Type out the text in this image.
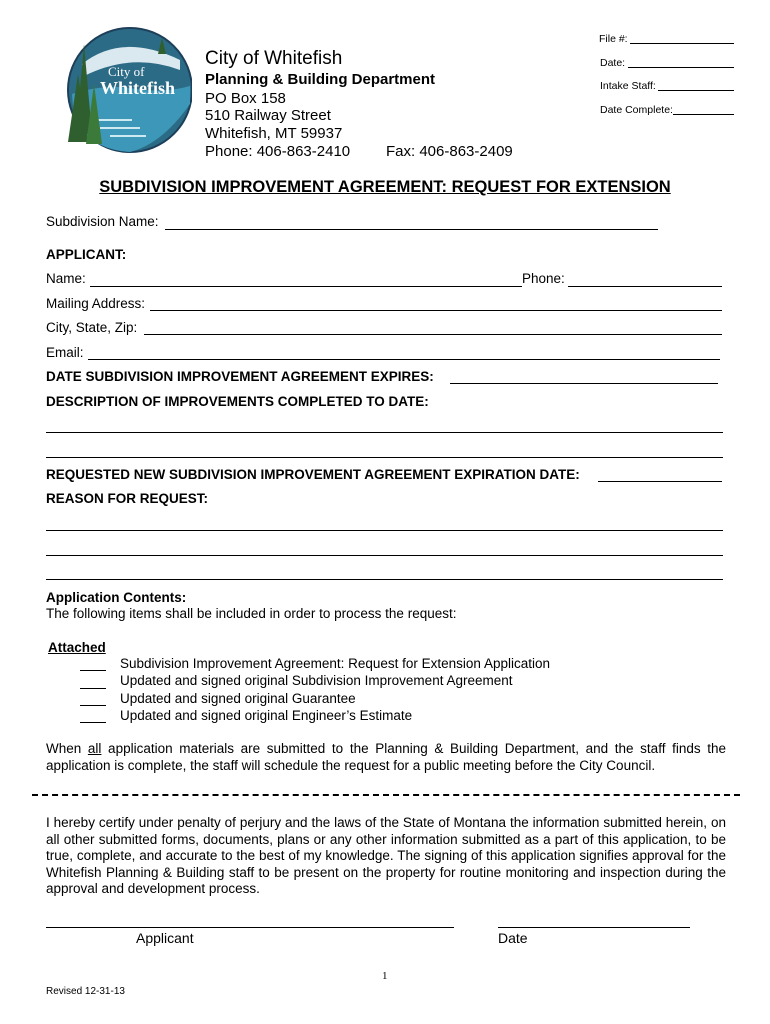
City of
Whitefish
City of Whitefish
Planning & Building Department
PO Box 158
510 Railway Street
Whitefish, MT 59937
Phone: 406-863-2410 Fax: 406-863-2409
File #:
Date:
Intake Staff:
Date Complete:
SUBDIVISION IMPROVEMENT AGREEMENT: REQUEST FOR EXTENSION
Subdivision Name:
APPLICANT:
Name:	Phone:
Mailing Address:
City, State, Zip:
Email:
DATE SUBDIVISION IMPROVEMENT AGREEMENT EXPIRES:
DESCRIPTION OF IMPROVEMENTS COMPLETED TO DATE:
REQUESTED NEW SUBDIVISION IMPROVEMENT AGREEMENT EXPIRATION DATE:
REASON FOR REQUEST:
Application Contents:
The following items shall be included in order to process the request:
Attached
Subdivision Improvement Agreement: Request for Extension Application
Updated and signed original Subdivision Improvement Agreement
Updated and signed original Guarantee
Updated and signed original Engineer’s Estimate
When all application materials are submitted to the Planning & Building Department, and the staff finds the application is complete, the staff will schedule the request for a public meeting before the City Council.
I hereby certify under penalty of perjury and the laws of the State of Montana the information submitted herein, on all other submitted forms, documents, plans or any other information submitted as a part of this application, to be true, complete, and accurate to the best of my knowledge. The signing of this application signifies approval for the Whitefish Planning & Building staff to be present on the property for routine monitoring and inspection during the approval and development process.
Applicant	Date
1
Revised 12-31-13
